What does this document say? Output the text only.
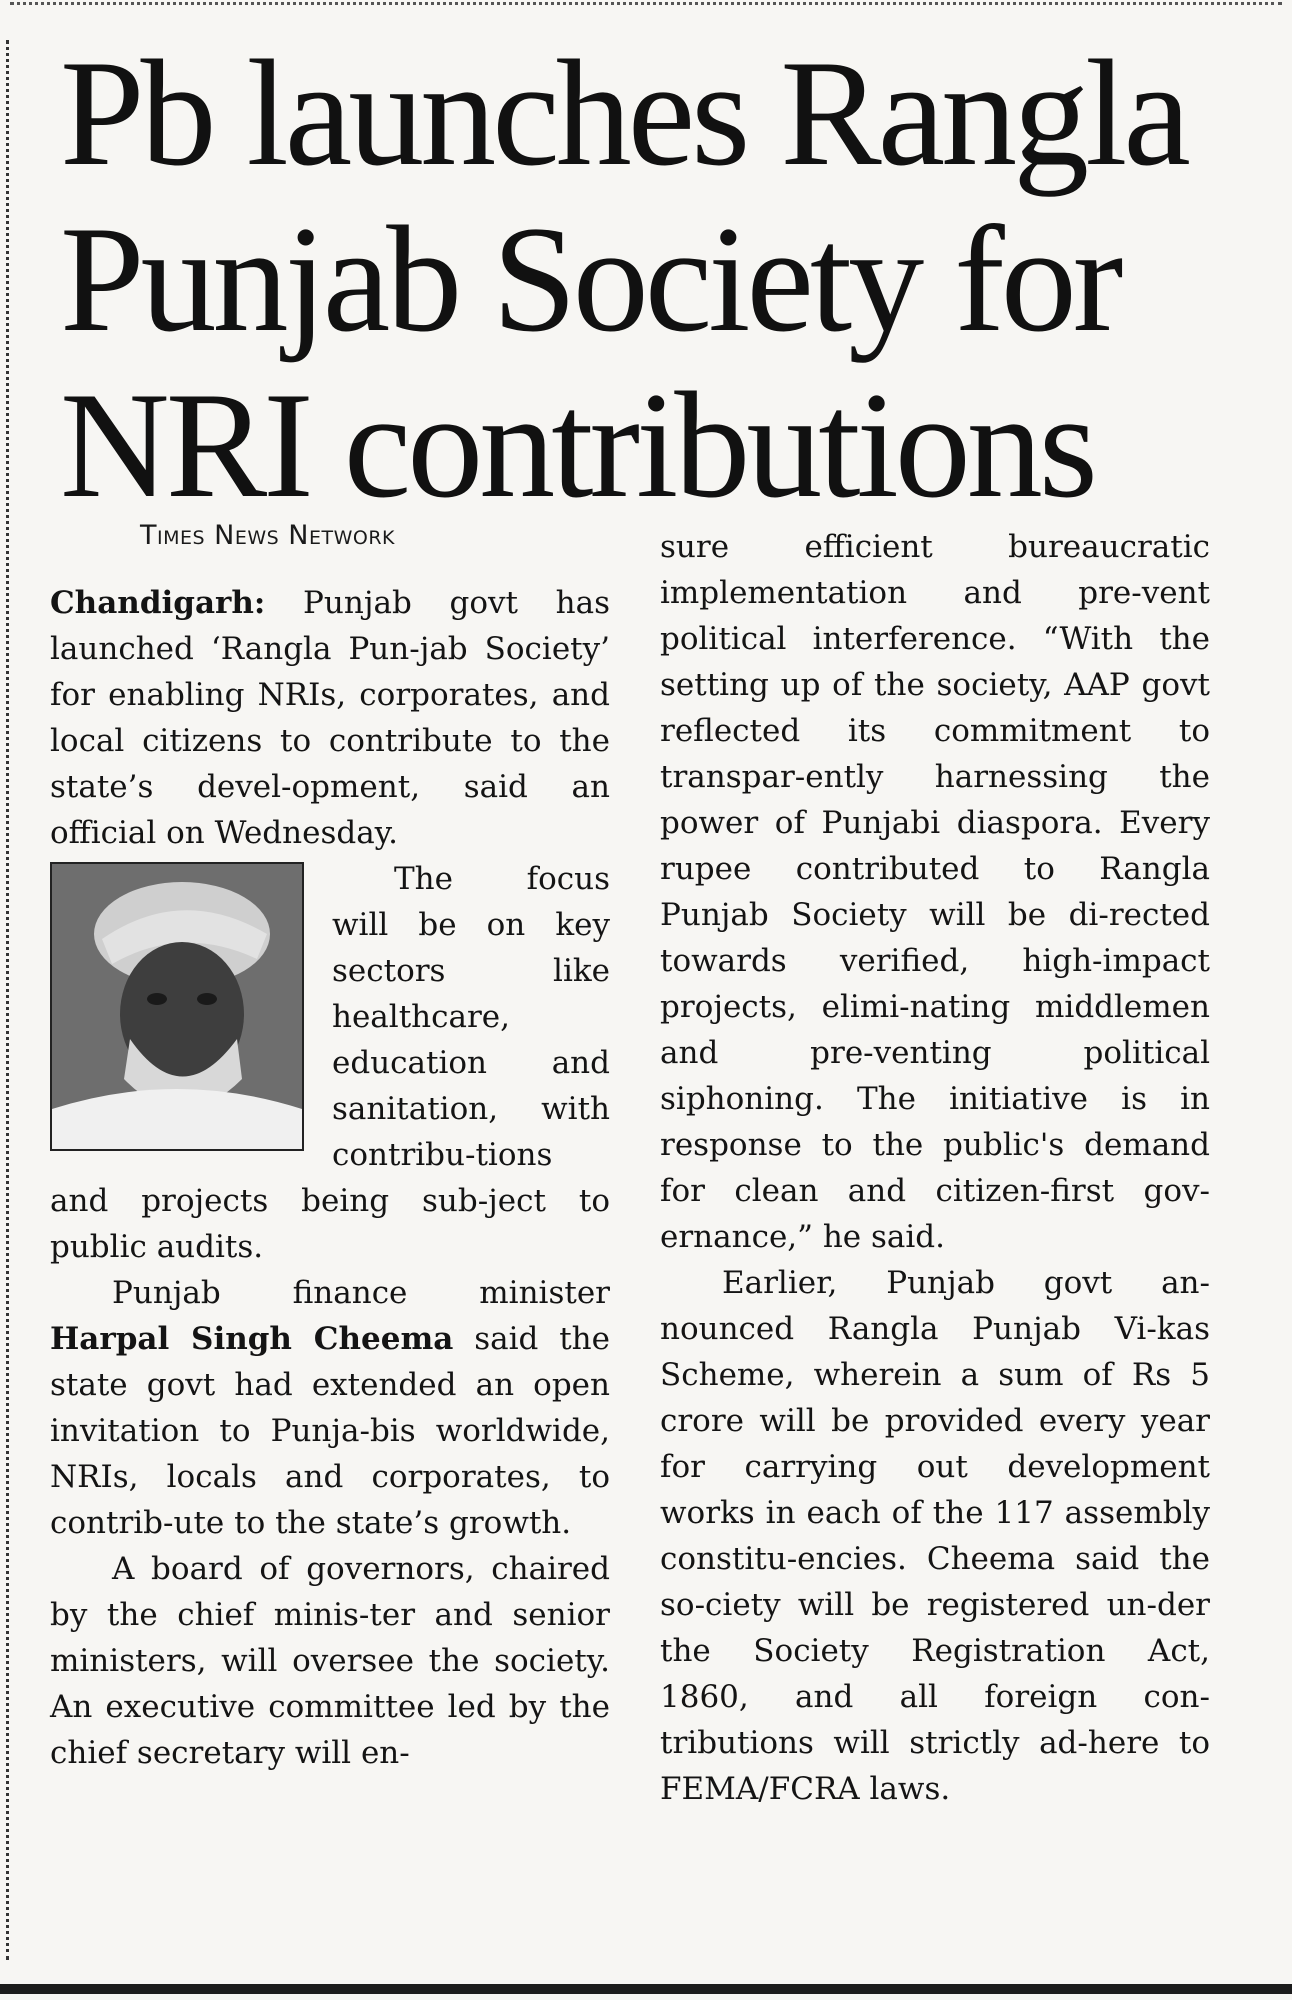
Pb launches Rangla
Punjab Society for
NRI contributions
Times News Network

Chandigarh: Punjab govt has launched ‘Rangla Pun-jab Society’ for enabling NRIs, corporates, and local citizens to contribute to the state’s devel-opment, said an official on Wednesday.

The focus will be on key sectors like healthcare, education and sanitation, with contribu-tions and projects being sub-ject to public audits.

Punjab finance minister Harpal Singh Cheema said the state govt had extended an open invitation to Punja-bis worldwide, NRIs, locals and corporates, to contrib-ute to the state’s growth.

A board of governors, chaired by the chief minis-ter and senior ministers, will oversee the society. An executive committee led by the chief secretary will en-

sure efficient bureaucratic implementation and pre-vent political interference. “With the setting up of the society, AAP govt reflected its commitment to transpar-ently harnessing the power of Punjabi diaspora. Every rupee contributed to Rangla Punjab Society will be di-rected towards verified, high-impact projects, elimi-nating middlemen and pre-venting political siphoning. The initiative is in response to the public's demand for clean and citizen-first gov-ernance,” he said.

Earlier, Punjab govt an-nounced Rangla Punjab Vi-kas Scheme, wherein a sum of Rs 5 crore will be provided every year for carrying out development works in each of the 117 assembly constitu-encies. Cheema said the so-ciety will be registered un-der the Society Registration Act, 1860, and all foreign con-tributions will strictly ad-here to FEMA/FCRA laws.
